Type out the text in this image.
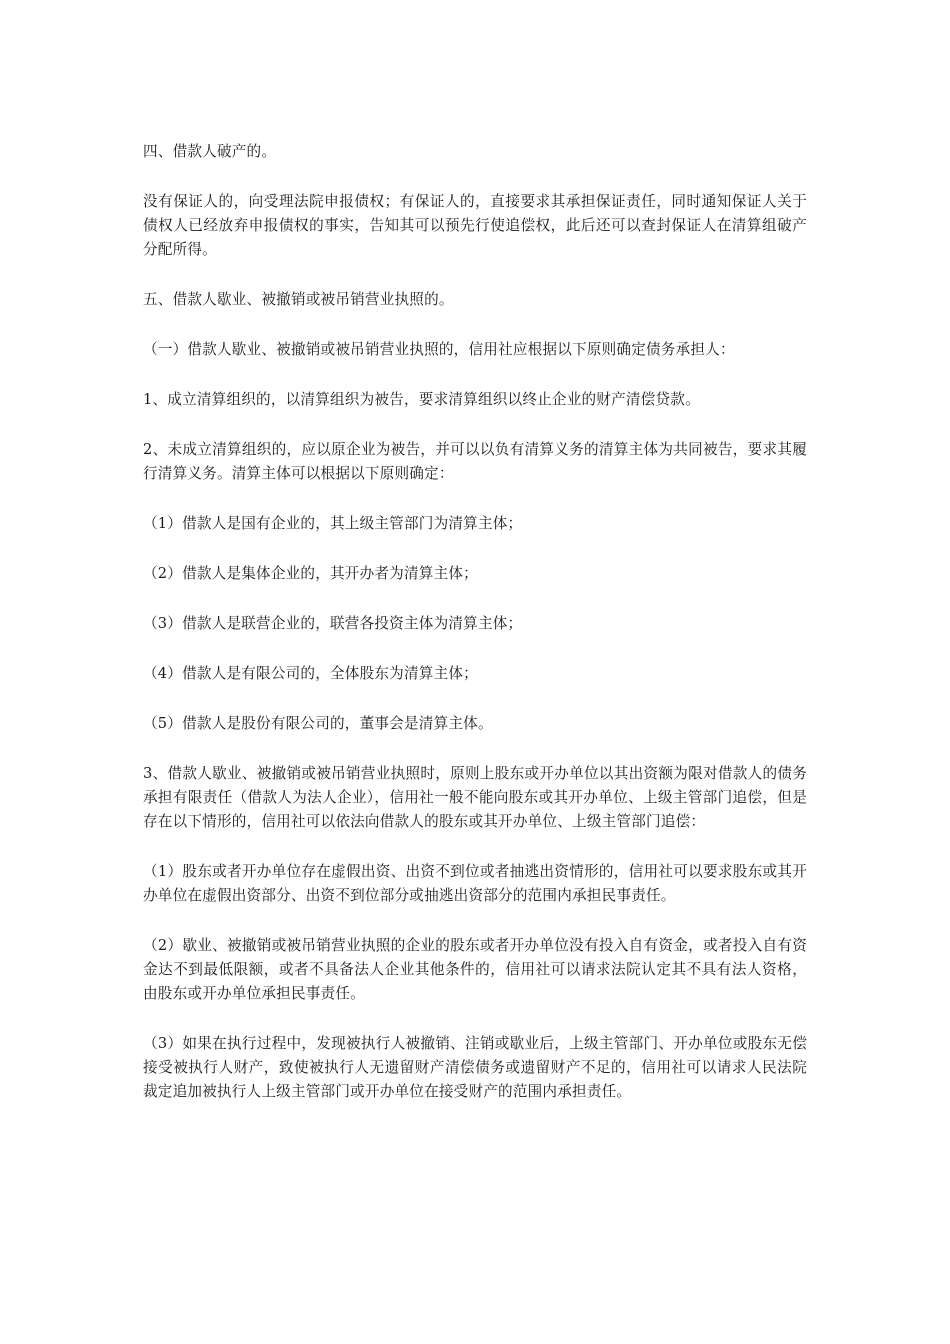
四、借款人破产的。

没有保证人的，向受理法院申报债权；有保证人的，直接要求其承担保证责任，同时通知保证人关于债权人已经放弃申报债权的事实，告知其可以预先行使追偿权，此后还可以查封保证人在清算组破产分配所得。

五、借款人歇业、被撤销或被吊销营业执照的。

（一）借款人歇业、被撤销或被吊销营业执照的，信用社应根据以下原则确定债务承担人：

1、成立清算组织的，以清算组织为被告，要求清算组织以终止企业的财产清偿贷款。

2、未成立清算组织的，应以原企业为被告，并可以以负有清算义务的清算主体为共同被告，要求其履行清算义务。清算主体可以根据以下原则确定：

（1）借款人是国有企业的，其上级主管部门为清算主体；

（2）借款人是集体企业的，其开办者为清算主体；

（3）借款人是联营企业的，联营各投资主体为清算主体；

（4）借款人是有限公司的，全体股东为清算主体；

（5）借款人是股份有限公司的，董事会是清算主体。

3、借款人歇业、被撤销或被吊销营业执照时，原则上股东或开办单位以其出资额为限对借款人的债务承担有限责任（借款人为法人企业），信用社一般不能向股东或其开办单位、上级主管部门追偿，但是存在以下情形的，信用社可以依法向借款人的股东或其开办单位、上级主管部门追偿：

（1）股东或者开办单位存在虚假出资、出资不到位或者抽逃出资情形的，信用社可以要求股东或其开办单位在虚假出资部分、出资不到位部分或抽逃出资部分的范围内承担民事责任。

（2）歇业、被撤销或被吊销营业执照的企业的股东或者开办单位没有投入自有资金，或者投入自有资金达不到最低限额，或者不具备法人企业其他条件的，信用社可以请求法院认定其不具有法人资格，由股东或开办单位承担民事责任。

（3）如果在执行过程中，发现被执行人被撤销、注销或歇业后，上级主管部门、开办单位或股东无偿接受被执行人财产，致使被执行人无遗留财产清偿债务或遗留财产不足的，信用社可以请求人民法院裁定追加被执行人上级主管部门或开办单位在接受财产的范围内承担责任。
